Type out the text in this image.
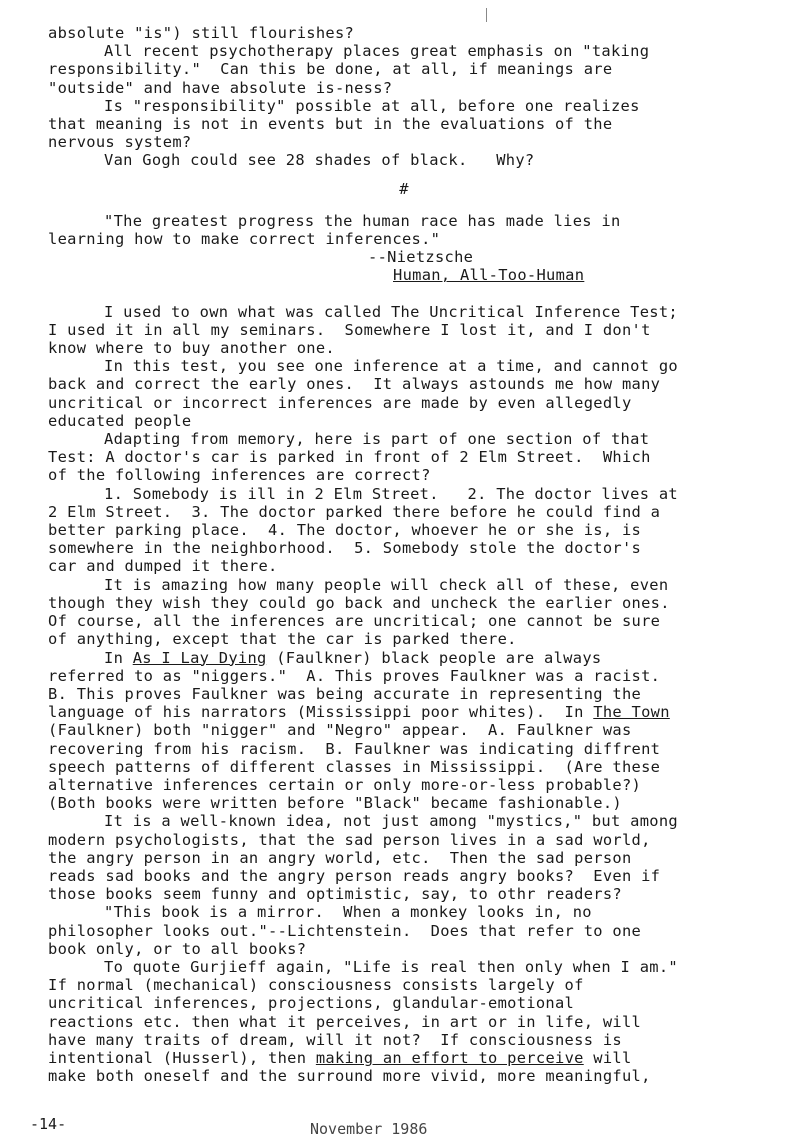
absolute "is") still flourishes?
All recent psychotherapy places great emphasis on "taking
responsibility."  Can this be done, at all, if meanings are
"outside" and have absolute is-ness?
Is "responsibility" possible at all, before one realizes
that meaning is not in events but in the evaluations of the
nervous system?
Van Gogh could see 28 shades of black.   Why?
#
"The greatest progress the human race has made lies in
learning how to make correct inferences."
--Nietzsche
Human, All-Too-Human
I used to own what was called The Uncritical Inference Test;
I used it in all my seminars.  Somewhere I lost it, and I don't
know where to buy another one.
In this test, you see one inference at a time, and cannot go
back and correct the early ones.  It always astounds me how many
uncritical or incorrect inferences are made by even allegedly
educated people
Adapting from memory, here is part of one section of that
Test: A doctor's car is parked in front of 2 Elm Street.  Which
of the following inferences are correct?
1. Somebody is ill in 2 Elm Street.   2. The doctor lives at
2 Elm Street.  3. The doctor parked there before he could find a
better parking place.  4. The doctor, whoever he or she is, is
somewhere in the neighborhood.  5. Somebody stole the doctor's
car and dumped it there.
It is amazing how many people will check all of these, even
though they wish they could go back and uncheck the earlier ones.
Of course, all the inferences are uncritical; one cannot be sure
of anything, except that the car is parked there.
In As I Lay Dying (Faulkner) black people are always
referred to as "niggers."  A. This proves Faulkner was a racist.
B. This proves Faulkner was being accurate in representing the
language of his narrators (Mississippi poor whites).  In The Town
(Faulkner) both "nigger" and "Negro" appear.  A. Faulkner was
recovering from his racism.  B. Faulkner was indicating diffrent
speech patterns of different classes in Mississippi.  (Are these
alternative inferences certain or only more-or-less probable?)
(Both books were written before "Black" became fashionable.)
It is a well-known idea, not just among "mystics," but among
modern psychologists, that the sad person lives in a sad world,
the angry person in an angry world, etc.  Then the sad person
reads sad books and the angry person reads angry books?  Even if
those books seem funny and optimistic, say, to othr readers?
"This book is a mirror.  When a monkey looks in, no
philosopher looks out."--Lichtenstein.  Does that refer to one
book only, or to all books?
To quote Gurjieff again, "Life is real then only when I am."
If normal (mechanical) consciousness consists largely of
uncritical inferences, projections, glandular-emotional
reactions etc. then what it perceives, in art or in life, will
have many traits of dream, will it not?  If consciousness is
intentional (Husserl), then making an effort to perceive will
make both oneself and the surround more vivid, more meaningful,
-14-	November 1986
